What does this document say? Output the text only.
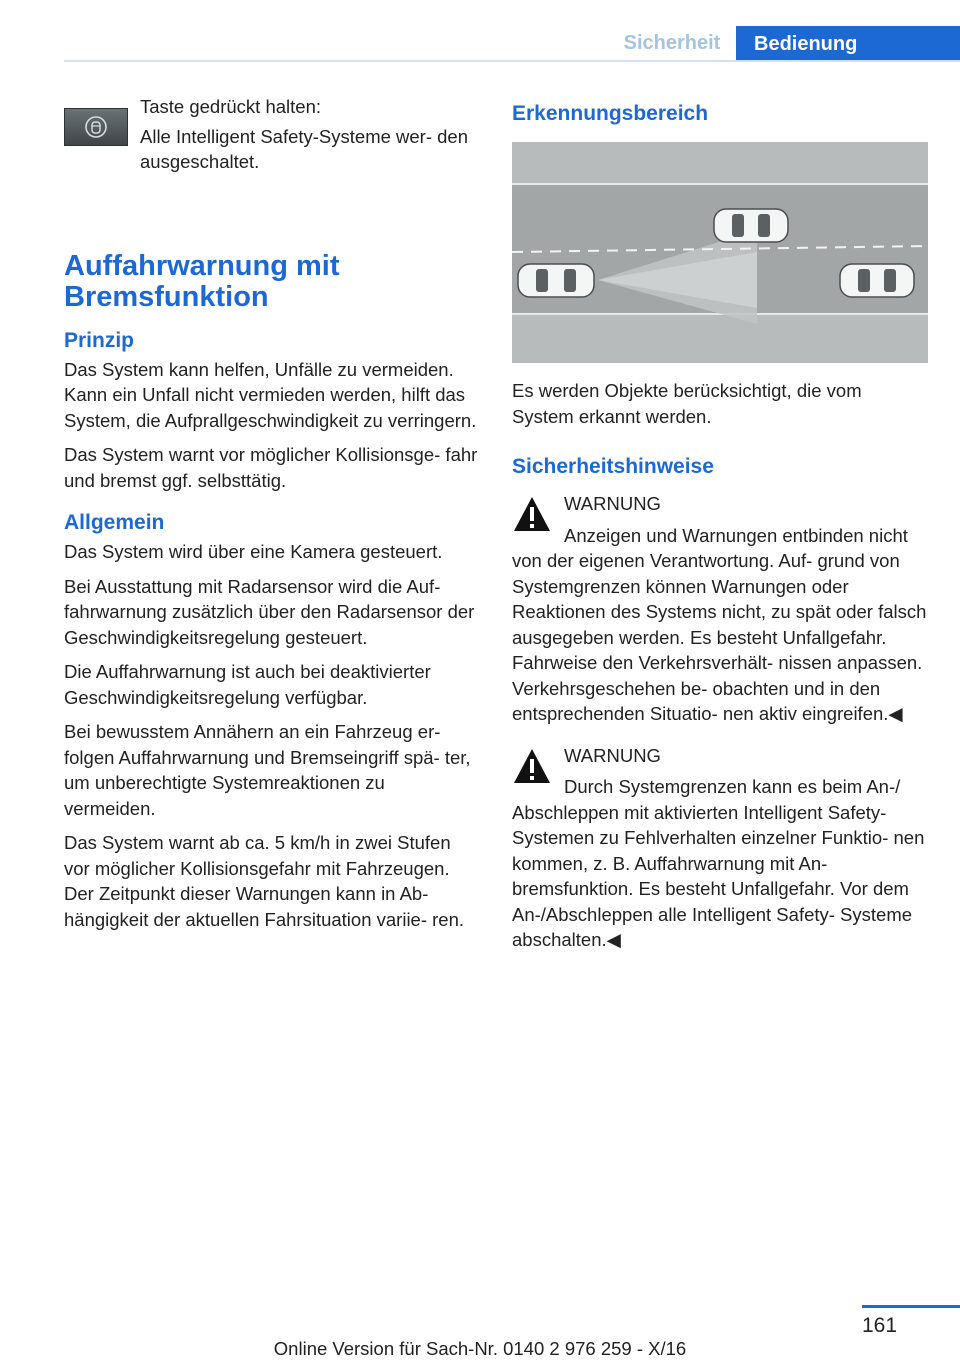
Sicherheit	Bedienung

Taste gedrückt halten:

Alle Intelligent Safety-Systeme wer‐ den ausgeschaltet.

Auffahrwarnung mit Bremsfunktion
Prinzip

Das System kann helfen, Unfälle zu vermeiden. Kann ein Unfall nicht vermieden werden, hilft das System, die Aufprallgeschwindigkeit zu verringern.

Das System warnt vor möglicher Kollisionsge‐ fahr und bremst ggf. selbsttätig.

Allgemein

Das System wird über eine Kamera gesteuert.

Bei Ausstattung mit Radarsensor wird die Auf‐ fahrwarnung zusätzlich über den Radarsensor der Geschwindigkeitsregelung gesteuert.

Die Auffahrwarnung ist auch bei deaktivierter Geschwindigkeitsregelung verfügbar.

Bei bewusstem Annähern an ein Fahrzeug er‐ folgen Auffahrwarnung und Bremseingriff spä‐ ter, um unberechtigte Systemreaktionen zu vermeiden.

Das System warnt ab ca. 5 km/h in zwei Stufen vor möglicher Kollisionsgefahr mit Fahrzeugen. Der Zeitpunkt dieser Warnungen kann in Ab‐ hängigkeit der aktuellen Fahrsituation variie‐ ren.

Erkennungsbereich

Es werden Objekte berücksichtigt, die vom System erkannt werden.

Sicherheitshinweise

WARNUNG

Anzeigen und Warnungen entbinden nicht von der eigenen Verantwortung. Auf‐ grund von Systemgrenzen können Warnungen oder Reaktionen des Systems nicht, zu spät oder falsch ausgegeben werden. Es besteht Unfallgefahr. Fahrweise den Verkehrsverhält‐ nissen anpassen. Verkehrsgeschehen be‐ obachten und in den entsprechenden Situatio‐ nen aktiv eingreifen.◀

WARNUNG

Durch Systemgrenzen kann es beim An-/ Abschleppen mit aktivierten Intelligent Safety- Systemen zu Fehlverhalten einzelner Funktio‐ nen kommen, z. B. Auffahrwarnung mit An‐ bremsfunktion. Es besteht Unfallgefahr. Vor dem An-/Abschleppen alle Intelligent Safety- Systeme abschalten.◀

161
Online Version für Sach-Nr. 0140 2 976 259 - X/16
